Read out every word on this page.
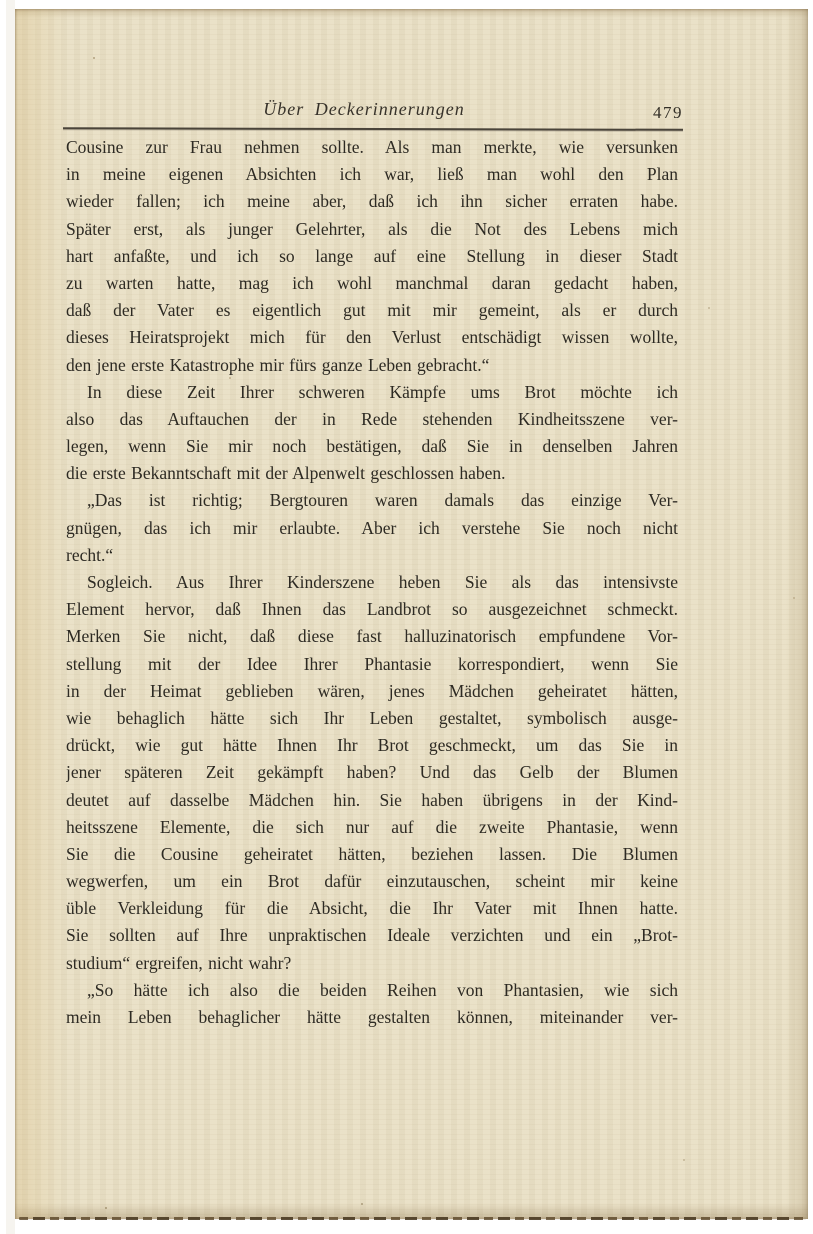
Über Deckerinnerungen	479
Cousine zur Frau nehmen sollte. Als man merkte, wie versunken
in meine eigenen Absichten ich war, ließ man wohl den Plan
wieder fallen; ich meine aber, daß ich ihn sicher erraten habe.
Später erst, als junger Gelehrter, als die Not des Lebens mich
hart anfaßte, und ich so lange auf eine Stellung in dieser Stadt
zu warten hatte, mag ich wohl manchmal daran gedacht haben,
daß der Vater es eigentlich gut mit mir gemeint, als er durch
dieses Heiratsprojekt mich für den Verlust entschädigt wissen wollte,
den jene erste Katastrophe mir fürs ganze Leben gebracht.“
In diese Zeit Ihrer schweren Kämpfe ums Brot möchte ich
also das Auftauchen der in Rede stehenden Kindheitsszene ver-
legen, wenn Sie mir noch bestätigen, daß Sie in denselben Jahren
die erste Bekanntschaft mit der Alpenwelt geschlossen haben.
„Das ist richtig; Bergtouren waren damals das einzige Ver-
gnügen, das ich mir erlaubte. Aber ich verstehe Sie noch nicht
recht.“
Sogleich. Aus Ihrer Kinderszene heben Sie als das intensivste
Element hervor, daß Ihnen das Landbrot so ausgezeichnet schmeckt.
Merken Sie nicht, daß diese fast halluzinatorisch empfundene Vor-
stellung mit der Idee Ihrer Phantasie korrespondiert, wenn Sie
in der Heimat geblieben wären, jenes Mädchen geheiratet hätten,
wie behaglich hätte sich Ihr Leben gestaltet, symbolisch ausge-
drückt, wie gut hätte Ihnen Ihr Brot geschmeckt, um das Sie in
jener späteren Zeit gekämpft haben? Und das Gelb der Blumen
deutet auf dasselbe Mädchen hin. Sie haben übrigens in der Kind-
heitsszene Elemente, die sich nur auf die zweite Phantasie, wenn
Sie die Cousine geheiratet hätten, beziehen lassen. Die Blumen
wegwerfen, um ein Brot dafür einzutauschen, scheint mir keine
üble Verkleidung für die Absicht, die Ihr Vater mit Ihnen hatte.
Sie sollten auf Ihre unpraktischen Ideale verzichten und ein „Brot-
studium“ ergreifen, nicht wahr?
„So hätte ich also die beiden Reihen von Phantasien, wie sich
mein Leben behaglicher hätte gestalten können, miteinander ver-
